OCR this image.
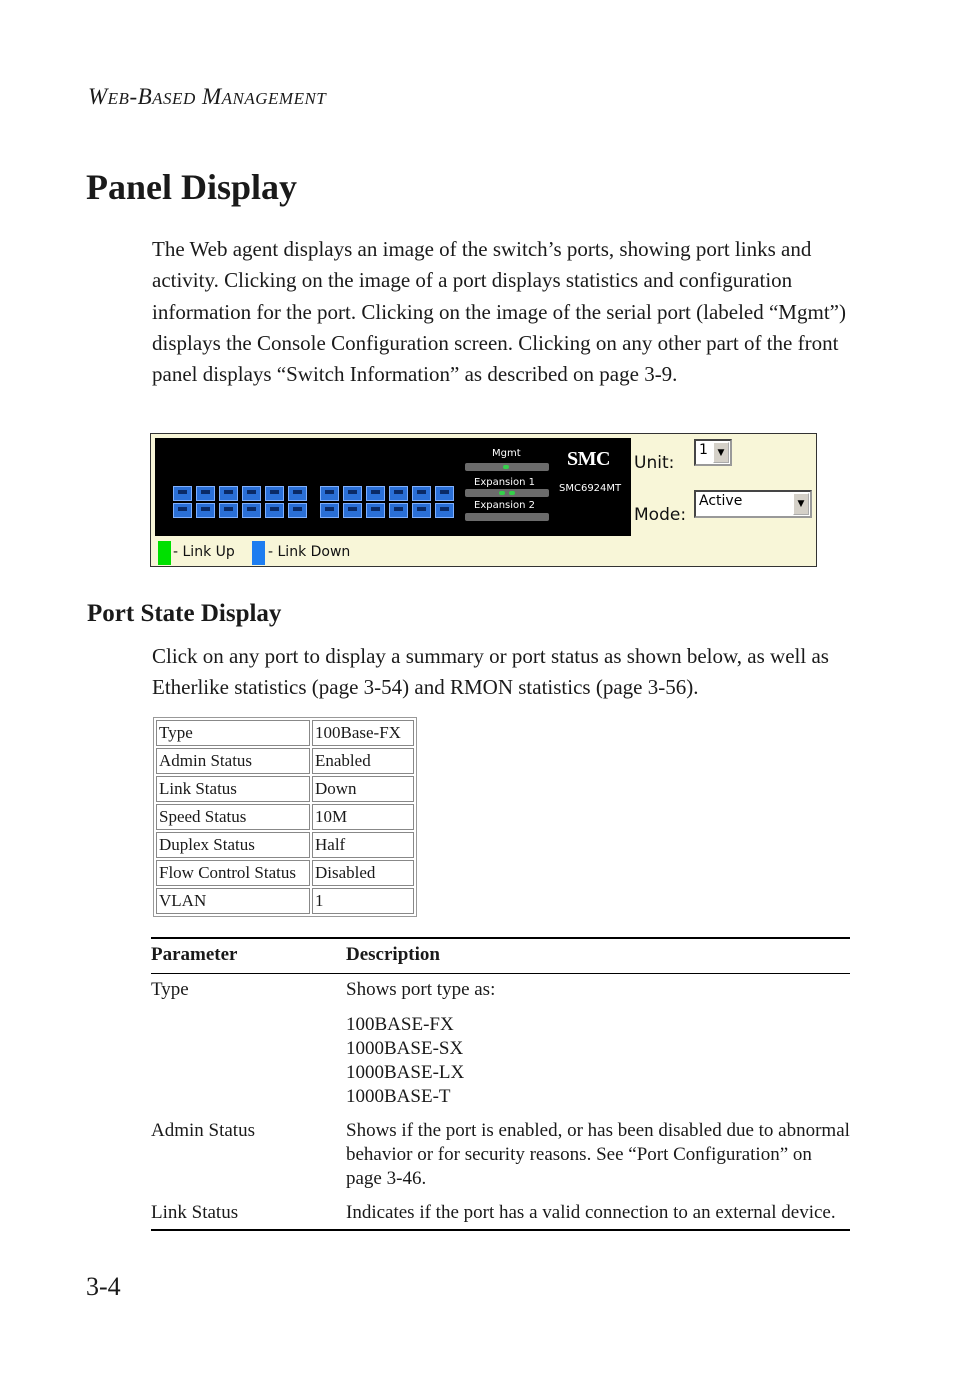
WEB-BASED MANAGEMENT
Panel Display

The Web agent displays an image of the switch’s ports, showing port links and activity. Clicking on the image of a port displays statistics and configuration information for the port. Clicking on the image of the serial port (labeled “Mgmt”) displays the Console Configuration screen. Clicking on any other part of the front panel displays “Switch Information” as described on page 3-9.

Mgmt
Expansion 1
Expansion 2
SMC
SMC6924MT
Unit:
1	▼
Mode:
Active	▼
- Link Up - Link Down
Port State Display

Click on any port to display a summary or port status as shown below, as well as Etherlike statistics (page 3-54) and RMON statistics (page 3-56).

Type	100Base-FX
Admin Status	Enabled
Link Status	Down
Speed Status	10M
Duplex Status	Half
Flow Control Status	Disabled
VLAN	1
Parameter	Description
Type	Shows port type as:
100BASE-FX
1000BASE-SX
1000BASE-LX
1000BASE-T

Admin Status	Shows if the port is enabled, or has been disabled due to abnormal behavior or for security reasons. See “Port Configuration” on page 3-46.
Link Status	Indicates if the port has a valid connection to an external device.
3-4
